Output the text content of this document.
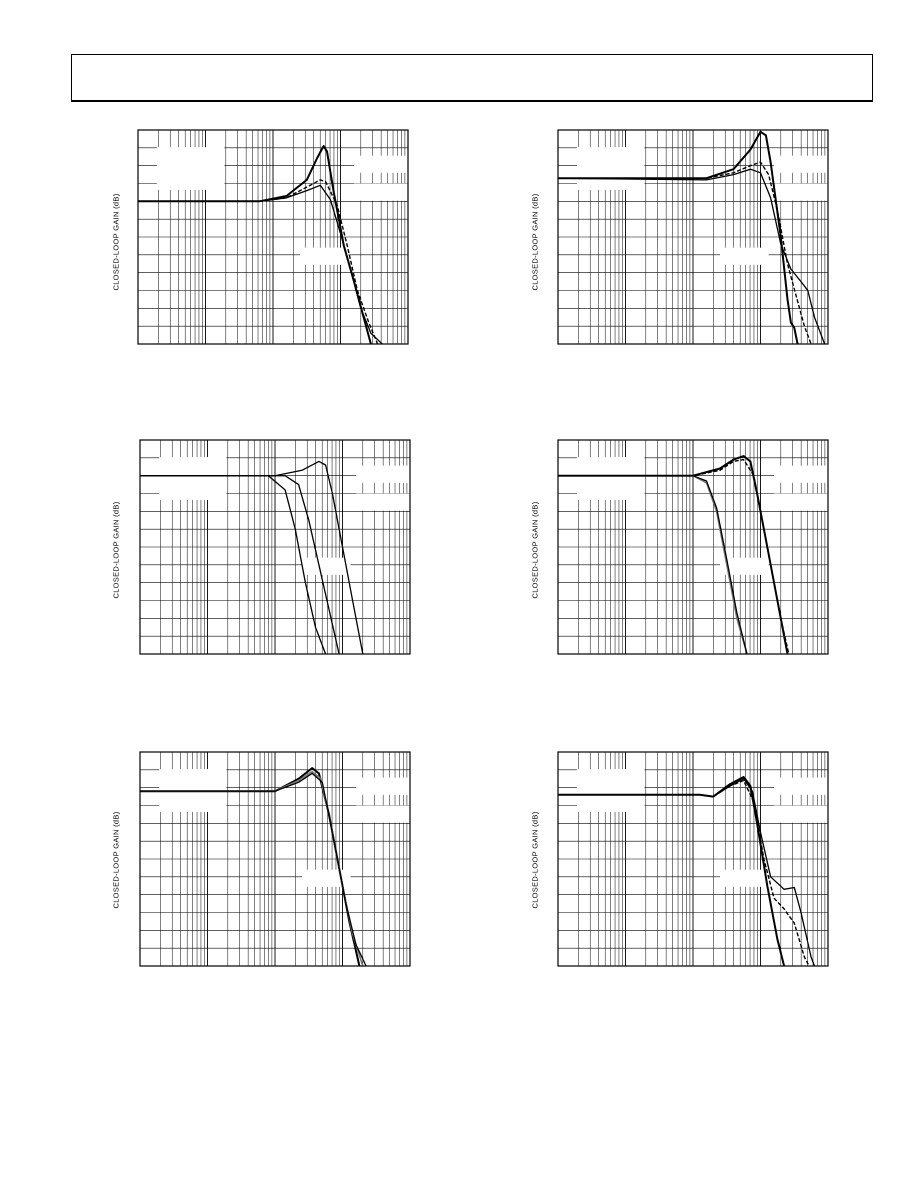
CLOSED-LOOP GAIN (dB)	CLOSED-LOOP GAIN (dB)
CLOSED-LOOP GAIN (dB)	CLOSED-LOOP GAIN (dB)
CLOSED-LOOP GAIN (dB)	CLOSED-LOOP GAIN (dB)
